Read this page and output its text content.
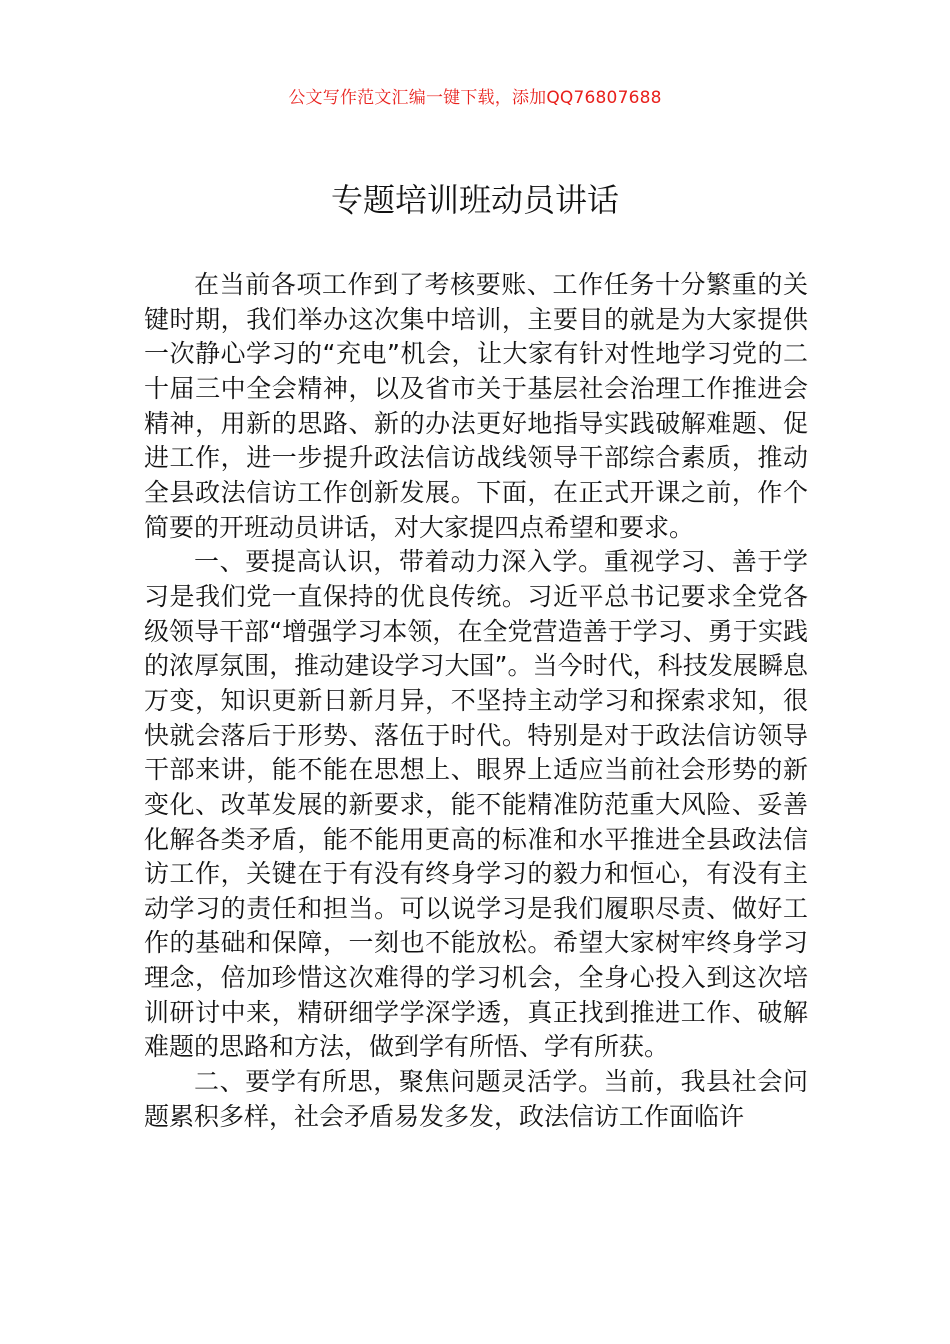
公文写作范文汇编一键下载，添加QQ76807688
专题培训班动员讲话

在当前各项工作到了考核要账、工作任务十分繁重的关键时期，我们举办这次集中培训，主要目的就是为大家提供一次静心学习的“充电”机会，让大家有针对性地学习党的二十届三中全会精神，以及省市关于基层社会治理工作推进会精神，用新的思路、新的办法更好地指导实践破解难题、促进工作，进一步提升政法信访战线领导干部综合素质，推动全县政法信访工作创新发展。下面，在正式开课之前，作个简要的开班动员讲话，对大家提四点希望和要求。

一、要提高认识，带着动力深入学。重视学习、善于学习是我们党一直保持的优良传统。习近平总书记要求全党各级领导干部“增强学习本领，在全党营造善于学习、勇于实践的浓厚氛围，推动建设学习大国”。当今时代，科技发展瞬息万变，知识更新日新月异，不坚持主动学习和探索求知，很快就会落后于形势、落伍于时代。特别是对于政法信访领导干部来讲，能不能在思想上、眼界上适应当前社会形势的新变化、改革发展的新要求，能不能精准防范重大风险、妥善化解各类矛盾，能不能用更高的标准和水平推进全县政法信访工作，关键在于有没有终身学习的毅力和恒心，有没有主动学习的责任和担当。可以说学习是我们履职尽责、做好工作的基础和保障，一刻也不能放松。希望大家树牢终身学习理念，倍加珍惜这次难得的学习机会，全身心投入到这次培训研讨中来，精研细学学深学透，真正找到推进工作、破解难题的思路和方法，做到学有所悟、学有所获。

二、要学有所思，聚焦问题灵活学。当前，我县社会问题累积多样，社会矛盾易发多发，政法信访工作面临许
